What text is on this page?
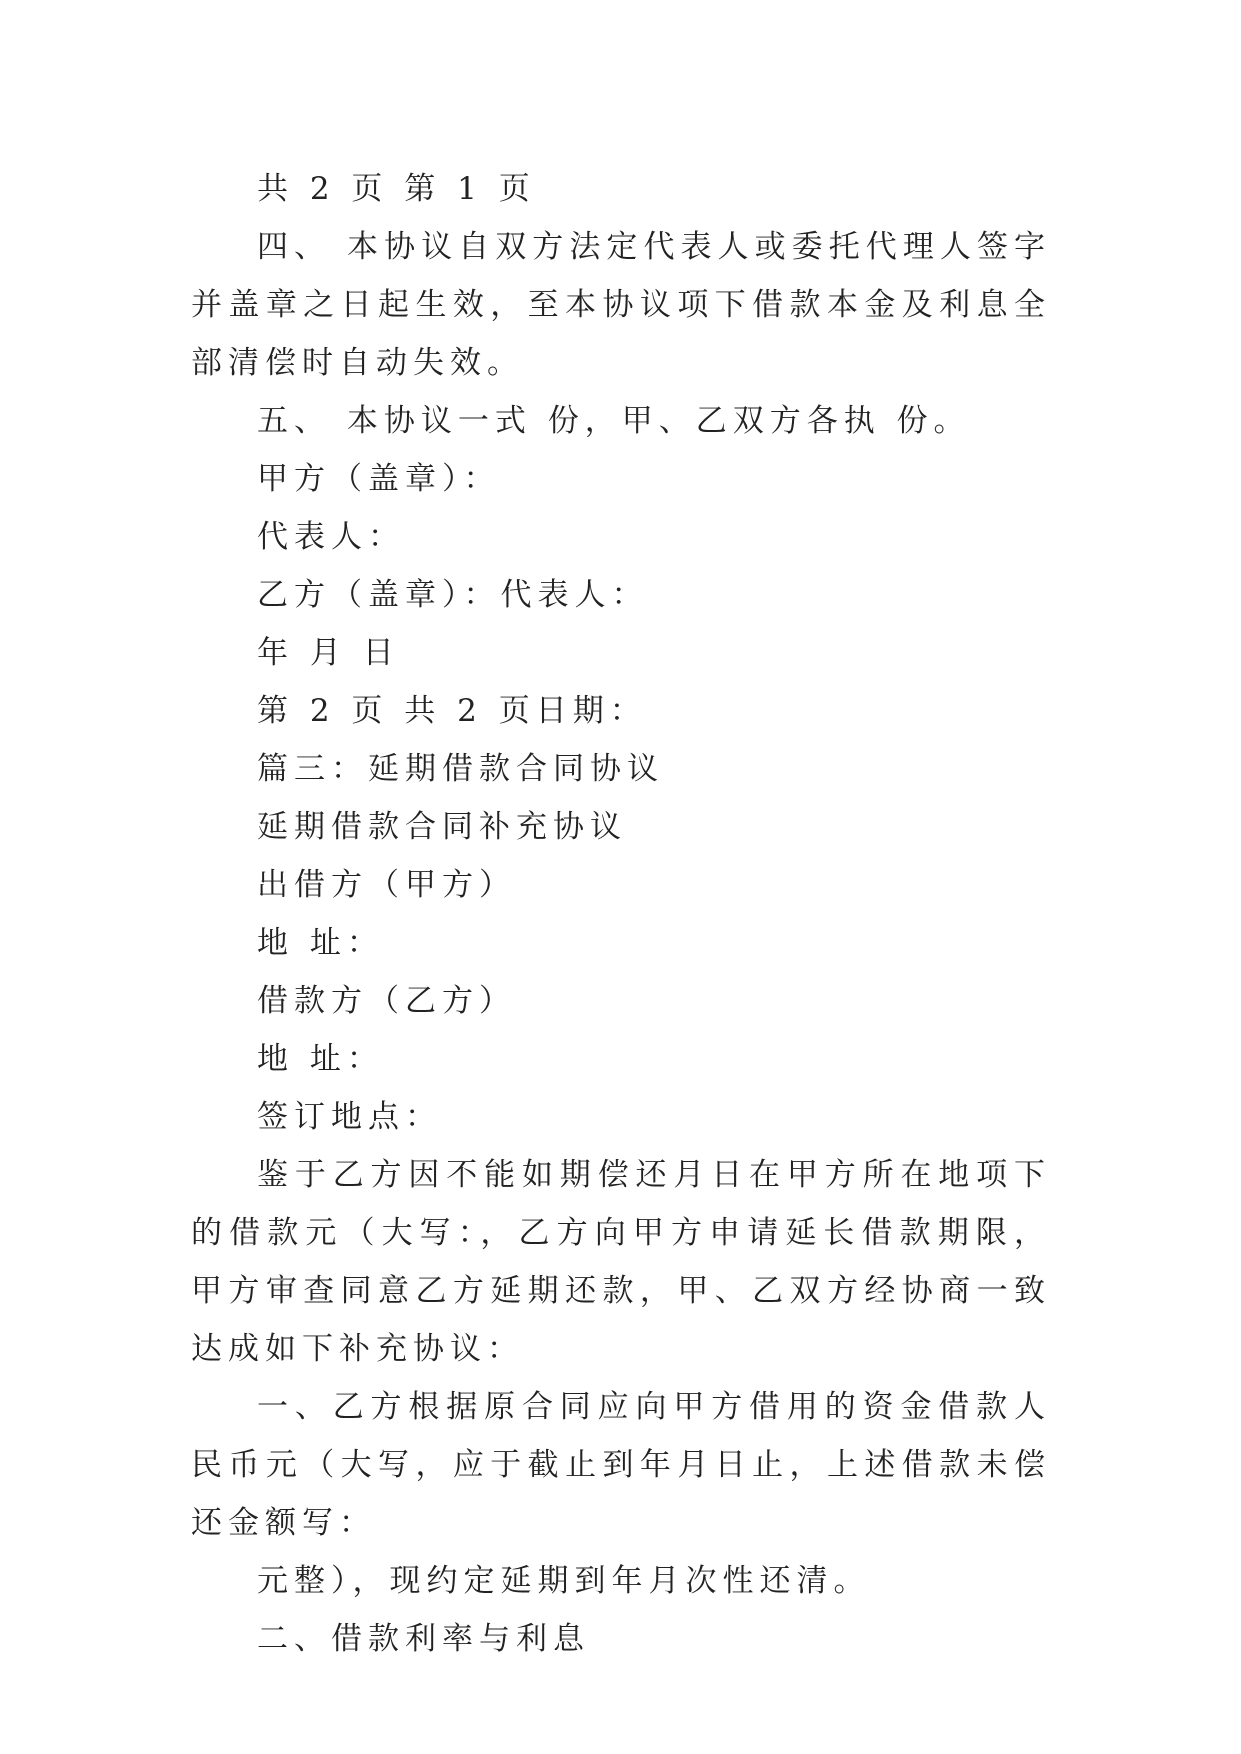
共 2 页 第 1 页

四、 本协议自双方法定代表人或委托代理人签字并盖章之日起生效，至本协议项下借款本金及利息全部清偿时自动失效。

五、 本协议一式 份，甲、乙双方各执 份。

甲方（盖章）：

代表人：

乙方（盖章）：代表人：

年 月 日

第 2 页 共 2 页日期：

篇三：延期借款合同协议

延期借款合同补充协议

出借方（甲方）

地 址：

借款方（乙方）

地 址：

签订地点：

鉴于乙方因不能如期偿还月日在甲方所在地项下的借款元（大写：，乙方向甲方申请延长借款期限，甲方审查同意乙方延期还款，甲、乙双方经协商一致达成如下补充协议：

一、乙方根据原合同应向甲方借用的资金借款人民币元（大写，应于截止到年月日止，上述借款未偿还金额写：

元整），现约定延期到年月次性还清。

二、借款利率与利息
